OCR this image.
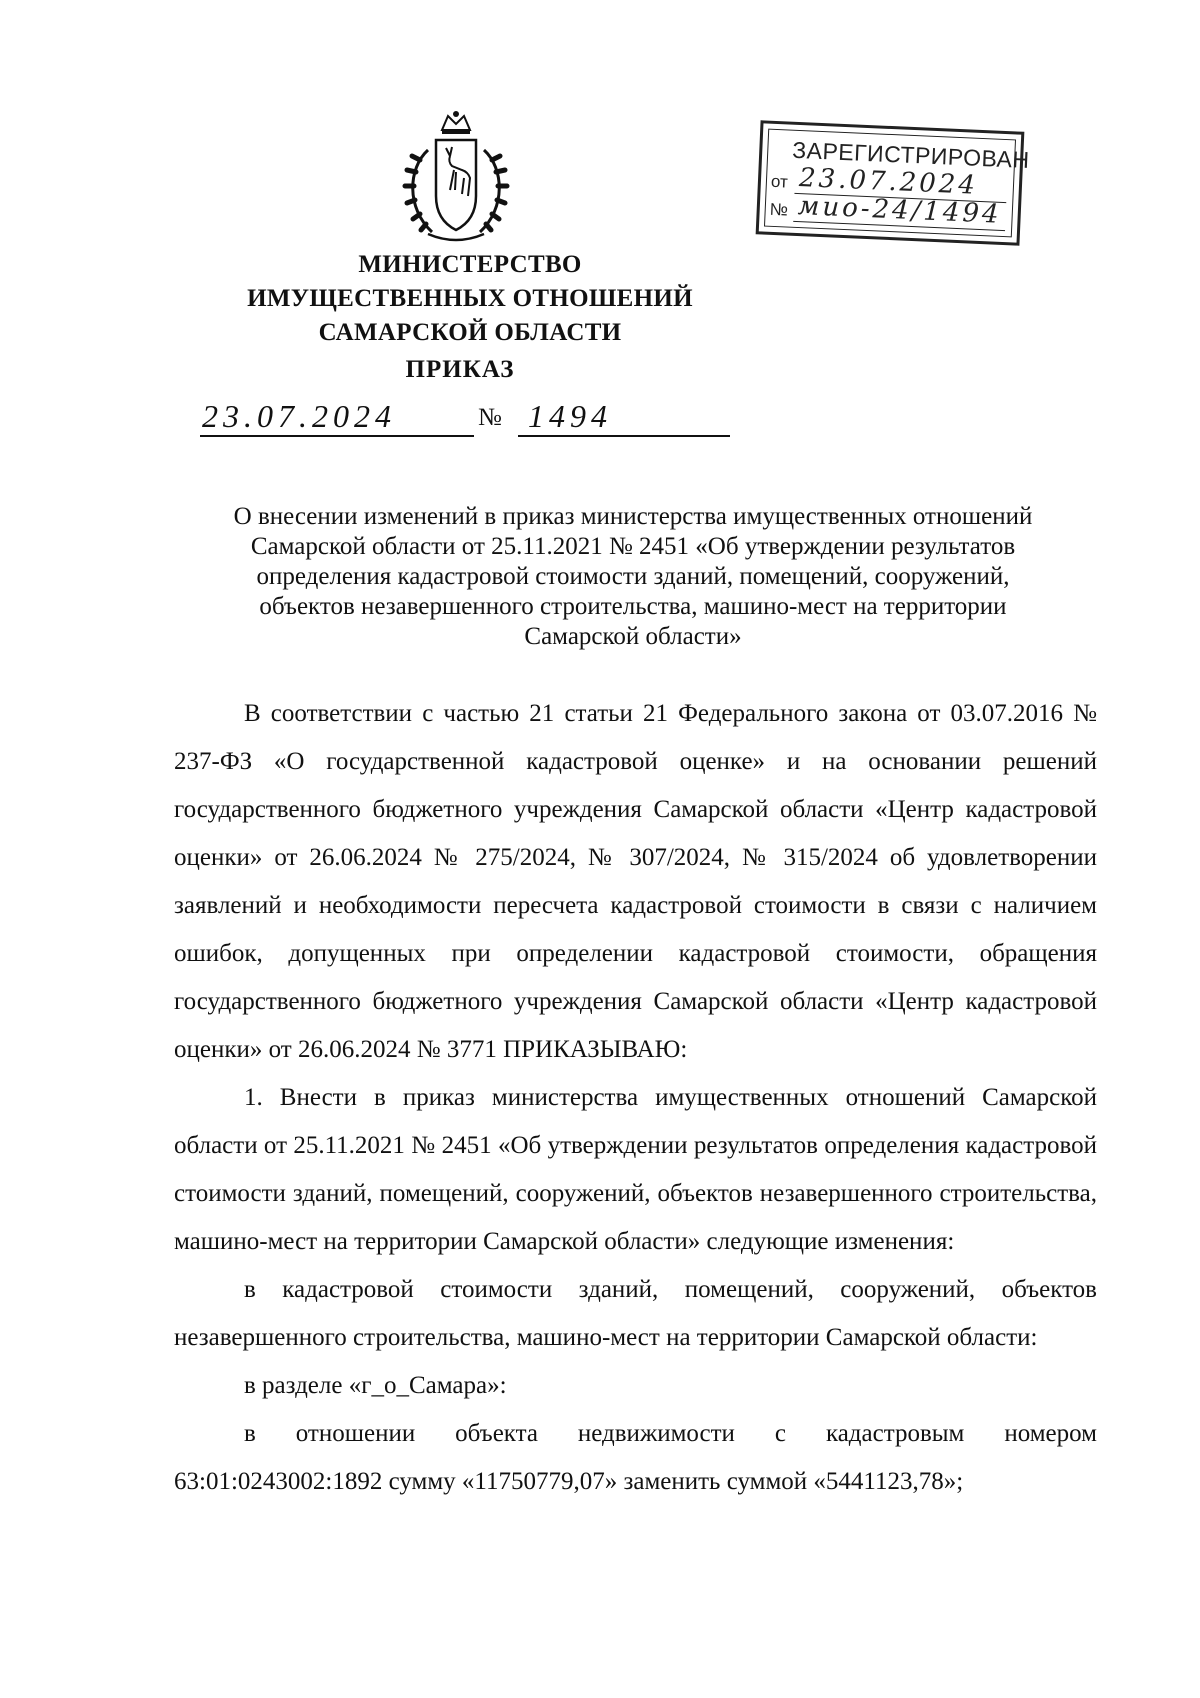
ЗАРЕГИСТРИРОВАН
от 23.07.2024
№ мио-24/1494
МИНИСТЕРСТВО
ИМУЩЕСТВЕННЫХ ОТНОШЕНИЙ
САМАРСКОЙ ОБЛАСТИ
ПРИКАЗ
23.07.2024	№ 1494
О внесении изменений в приказ министерства имущественных отношений
Самарской области от 25.11.2021 № 2451 «Об утверждении результатов
определения кадастровой стоимости зданий, помещений, сооружений,
объектов незавершенного строительства, машино-мест на территории
Самарской области»

В соответствии с частью 21 статьи 21 Федерального закона от 03.07.2016 № 237-ФЗ «О государственной кадастровой оценке» и на основании решений государственного бюджетного учреждения Самарской области «Центр кадастровой оценки» от 26.06.2024 № 275/2024, № 307/2024, № 315/2024 об удовлетворении заявлений и необходимости пересчета кадастровой стоимости в связи с наличием ошибок, допущенных при определении кадастровой стоимости, обращения государственного бюджетного учреждения Самарской области «Центр кадастровой оценки» от 26.06.2024 № 3771 ПРИКАЗЫВАЮ:

1. Внести в приказ министерства имущественных отношений Самарской области от 25.11.2021 № 2451 «Об утверждении результатов определения кадастровой стоимости зданий, помещений, сооружений, объектов незавершенного строительства, машино-мест на территории Самарской области» следующие изменения:

в кадастровой стоимости зданий, помещений, сооружений, объектов незавершенного строительства, машино-мест на территории Самарской области:

в разделе «г_о_Самара»:

в отношении объекта недвижимости с кадастровым номером 63:01:0243002:1892 сумму «11750779,07» заменить суммой «5441123,78»;
